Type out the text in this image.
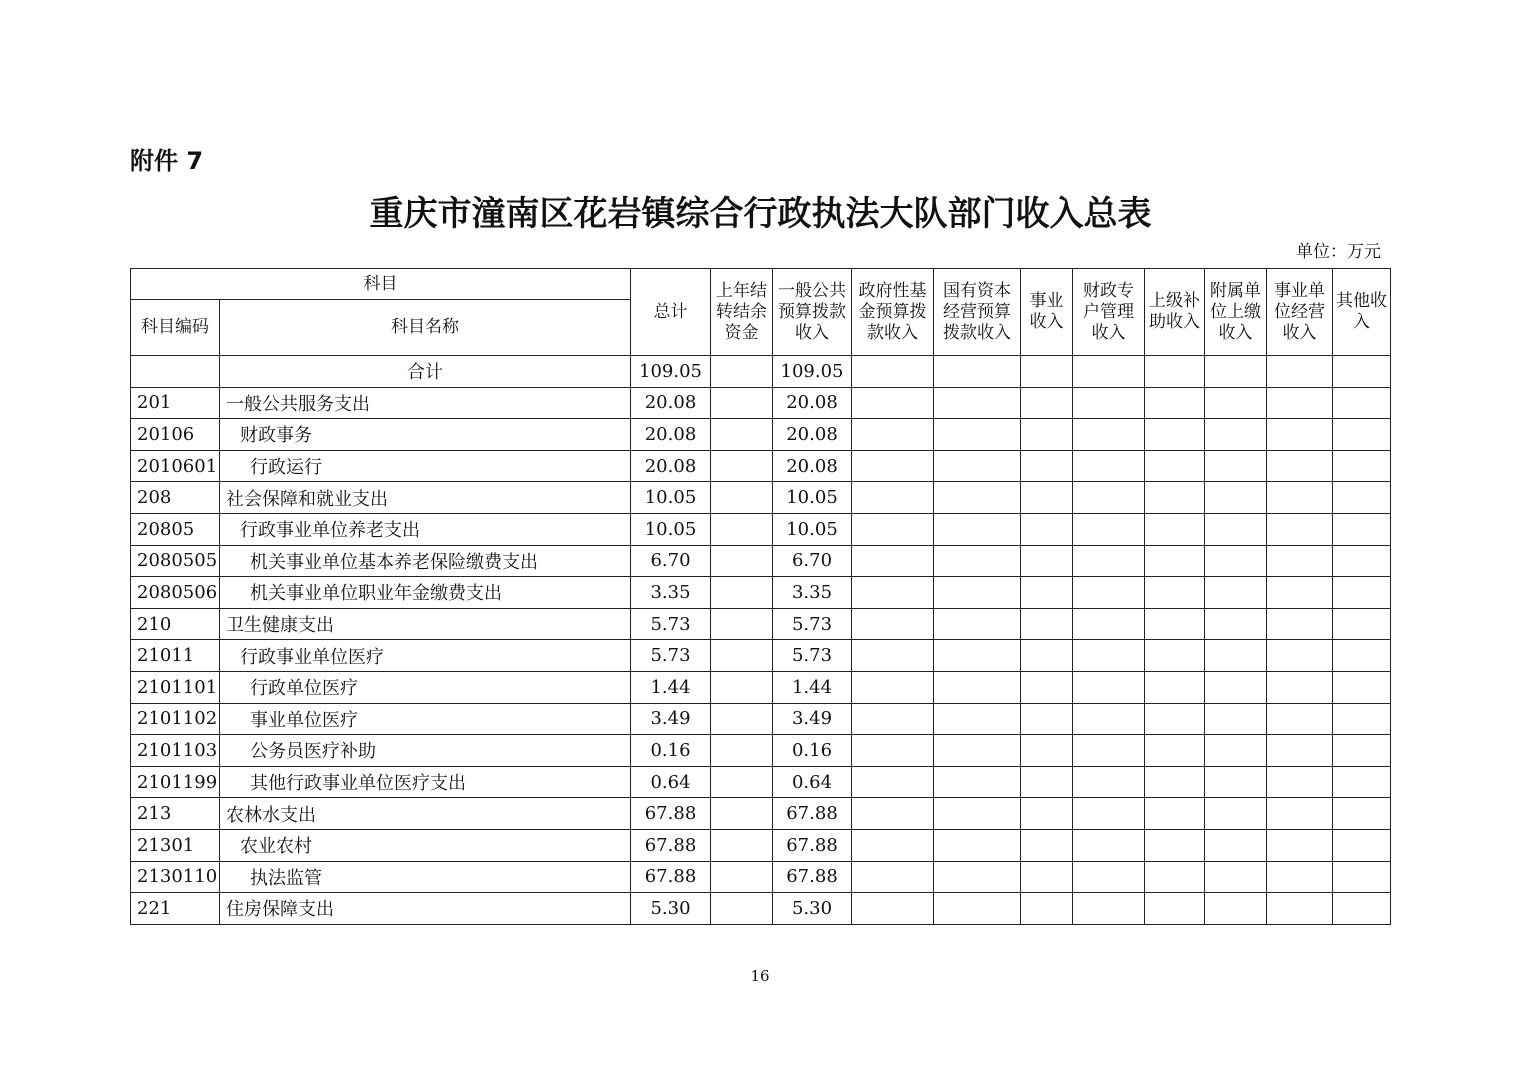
附件 7
重庆市潼南区花岩镇综合行政执法大队部门收入总表
单位：万元
科目		总计	上年结转结余资金	一般公共预算拨款收入	政府性基金预算拨款收入	国有资本经营预算拨款收入	事业收入	财政专户管理收入	上级补助收入	附属单位上缴收入	事业单位经营收入	其他收入
科目编码	科目名称											
	合计	109.05		109.05								
201	一般公共服务支出	20.08		20.08								
20106	财政事务	20.08		20.08								
2010601	行政运行	20.08		20.08								
208	社会保障和就业支出	10.05		10.05								
20805	行政事业单位养老支出	10.05		10.05								
2080505	机关事业单位基本养老保险缴费支出	6.70		6.70								
2080506	机关事业单位职业年金缴费支出	3.35		3.35								
210	卫生健康支出	5.73		5.73								
21011	行政事业单位医疗	5.73		5.73								
2101101	行政单位医疗	1.44		1.44								
2101102	事业单位医疗	3.49		3.49								
2101103	公务员医疗补助	0.16		0.16								
2101199	其他行政事业单位医疗支出	0.64		0.64								
213	农林水支出	67.88		67.88								
21301	农业农村	67.88		67.88								
2130110	执法监管	67.88		67.88								
221	住房保障支出	5.30		5.30								
16
